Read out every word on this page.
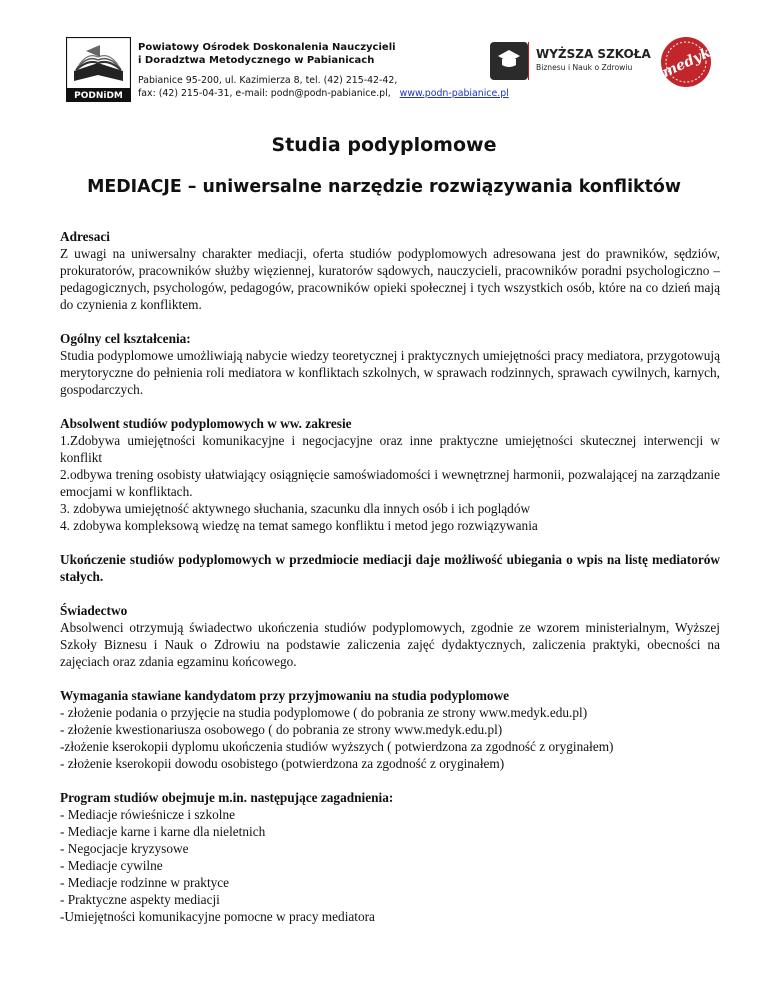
PODNiDM
Powiatowy Ośrodek Doskonalenia Nauczycieli
i Doradztwa Metodycznego w Pabianicach
Pabianice 95-200, ul. Kazimierza 8, tel. (42) 215-42-42,
fax: (42) 215-04-31, e-mail: podn@podn-pabianice.pl, www.podn-pabianice.pl
WYŻSZA SZKOŁA
Biznesu i Nauk o Zdrowiu medyk
Studia podyplomowe
MEDIACJE – uniwersalne narzędzie rozwiązywania konfliktów
Adresaci

Z uwagi na uniwersalny charakter mediacji, oferta studiów podyplomowych adresowana jest do prawników, sędziów, prokuratorów, pracowników służby więziennej, kuratorów sądowych, nauczycieli, pracowników poradni psychologiczno – pedagogicznych, psychologów, pedagogów, pracowników opieki społecznej i tych wszystkich osób, które na co dzień mają do czynienia z konfliktem.

Ogólny cel kształcenia:

Studia podyplomowe umożliwiają nabycie wiedzy teoretycznej i praktycznych umiejętności pracy mediatora, przygotowują merytoryczne do pełnienia roli mediatora w konfliktach szkolnych, w sprawach rodzinnych, sprawach cywilnych, karnych, gospodarczych.

Absolwent studiów podyplomowych w ww. zakresie

1.Zdobywa umiejętności komunikacyjne i negocjacyjne oraz inne praktyczne umiejętności skutecznej interwencji w konflikt

2.odbywa trening osobisty ułatwiający osiągnięcie samoświadomości i wewnętrznej harmonii, pozwalającej na zarządzanie emocjami w konfliktach.

3. zdobywa umiejętność aktywnego słuchania, szacunku dla innych osób i ich poglądów

4. zdobywa kompleksową wiedzę na temat samego konfliktu i metod jego rozwiązywania

Ukończenie studiów podyplomowych w przedmiocie mediacji daje możliwość ubiegania o wpis na listę mediatorów stałych.

Świadectwo

Absolwenci otrzymują świadectwo ukończenia studiów podyplomowych, zgodnie ze wzorem ministerialnym, Wyższej Szkoły Biznesu i Nauk o Zdrowiu na podstawie zaliczenia zajęć dydaktycznych, zaliczenia praktyki, obecności na zajęciach oraz zdania egzaminu końcowego.

Wymagania stawiane kandydatom przy przyjmowaniu na studia podyplomowe

- złożenie podania o przyjęcie na studia podyplomowe ( do pobrania ze strony www.medyk.edu.pl)

- złożenie kwestionariusza osobowego ( do pobrania ze strony www.medyk.edu.pl)

-złożenie kserokopii dyplomu ukończenia studiów wyższych ( potwierdzona za zgodność z oryginałem)

- złożenie kserokopii dowodu osobistego (potwierdzona za zgodność z oryginałem)

Program studiów obejmuje m.in. następujące zagadnienia:

- Mediacje rówieśnicze i szkolne

- Mediacje karne i karne dla nieletnich

- Negocjacje kryzysowe

- Mediacje cywilne

- Mediacje rodzinne w praktyce

- Praktyczne aspekty mediacji

-Umiejętności komunikacyjne pomocne w pracy mediatora
